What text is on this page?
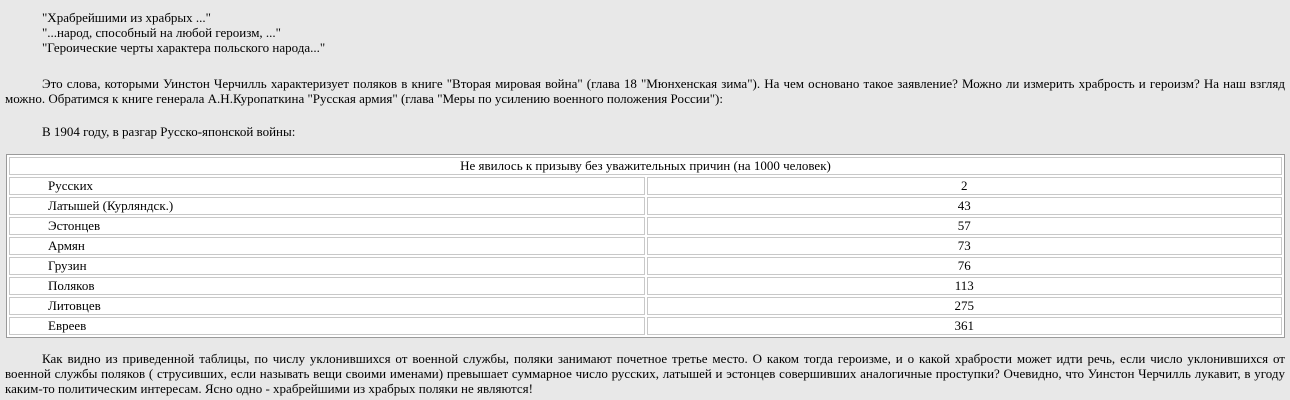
"Храбрейшими из храбрых ..."
"...народ, способный на любой героизм, ..."
"Героические черты характера польского народа..."
Это слова, которыми Уинстон Черчилль характеризует поляков в книге "Вторая мировая война" (глава 18 "Мюнхенская зима"). На чем основано такое заявление? Можно ли измерить храбрость и героизм? На наш взгляд можно. Обратимся к книге генерала А.Н.Куропаткина "Русская армия" (глава "Меры по усилению военного положения России"):
В 1904 году, в разгар Русско-японской войны:
Не явилось к призыву без уважительных причин (на 1000 человек)	
Русских	2
Латышей (Курляндск.)	43
Эстонцев	57
Армян	73
Грузин	76
Поляков	113
Литовцев	275
Евреев	361
Как видно из приведенной таблицы, по числу уклонившихся от военной службы, поляки занимают почетное третье место. О каком тогда героизме, и о какой храбрости может идти речь, если число уклонившихся от военной службы поляков ( струсивших, если называть вещи своими именами) превышает суммарное число русских, латышей и эстонцев совершивших аналогичные проступки? Очевидно, что Уинстон Черчилль лукавит, в угоду каким-то политическим интересам. Ясно одно - храбрейшими из храбрых поляки не являются!
